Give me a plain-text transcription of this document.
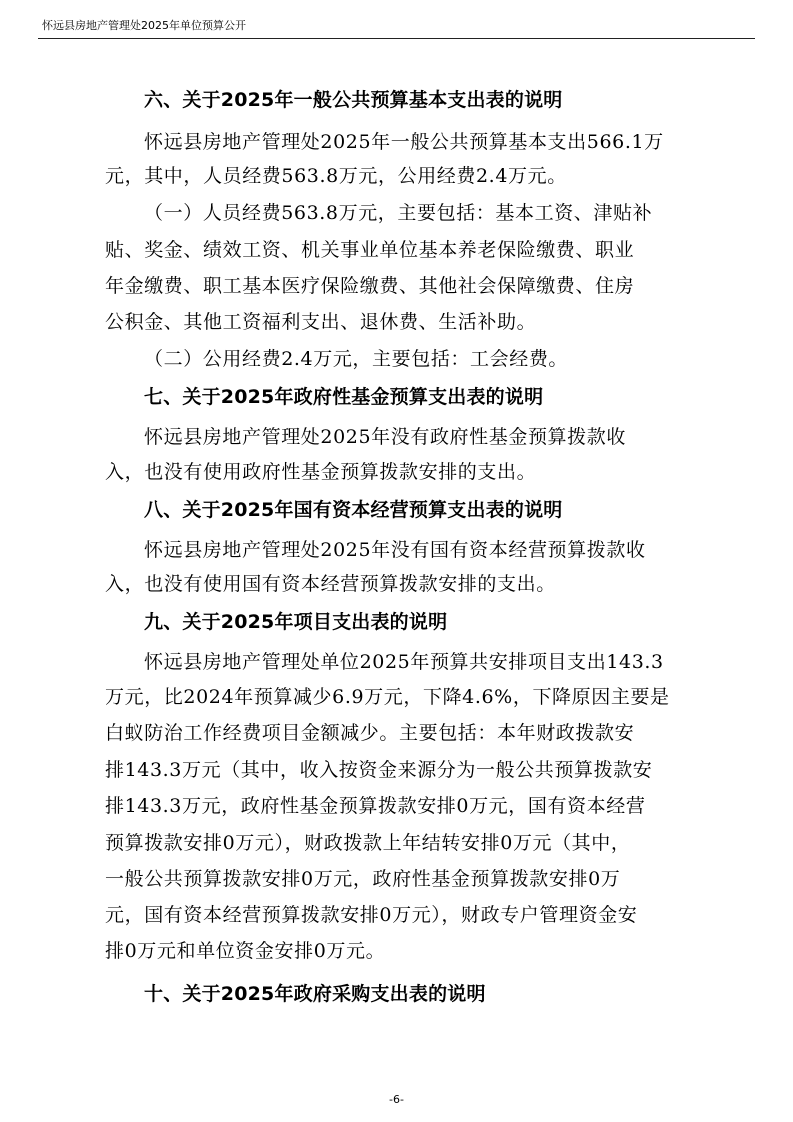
怀远县房地产管理处2025年单位预算公开
六、关于2025年一般公共预算基本支出表的说明
怀远县房地产管理处2025年一般公共预算基本支出566.1万
元，其中，人员经费563.8万元，公用经费2.4万元。
（一）人员经费563.8万元，主要包括：基本工资、津贴补
贴、奖金、绩效工资、机关事业单位基本养老保险缴费、职业
年金缴费、职工基本医疗保险缴费、其他社会保障缴费、住房
公积金、其他工资福利支出、退休费、生活补助。
（二）公用经费2.4万元，主要包括：工会经费。
七、关于2025年政府性基金预算支出表的说明
怀远县房地产管理处2025年没有政府性基金预算拨款收
入，也没有使用政府性基金预算拨款安排的支出。
八、关于2025年国有资本经营预算支出表的说明
怀远县房地产管理处2025年没有国有资本经营预算拨款收
入，也没有使用国有资本经营预算拨款安排的支出。
九、关于2025年项目支出表的说明
怀远县房地产管理处单位2025年预算共安排项目支出143.3
万元，比2024年预算减少6.9万元，下降4.6%，下降原因主要是
白蚁防治工作经费项目金额减少。主要包括：本年财政拨款安
排143.3万元（其中，收入按资金来源分为一般公共预算拨款安
排143.3万元，政府性基金预算拨款安排0万元，国有资本经营
预算拨款安排0万元），财政拨款上年结转安排0万元（其中，
一般公共预算拨款安排0万元，政府性基金预算拨款安排0万
元，国有资本经营预算拨款安排0万元），财政专户管理资金安
排0万元和单位资金安排0万元。
十、关于2025年政府采购支出表的说明
-6-
